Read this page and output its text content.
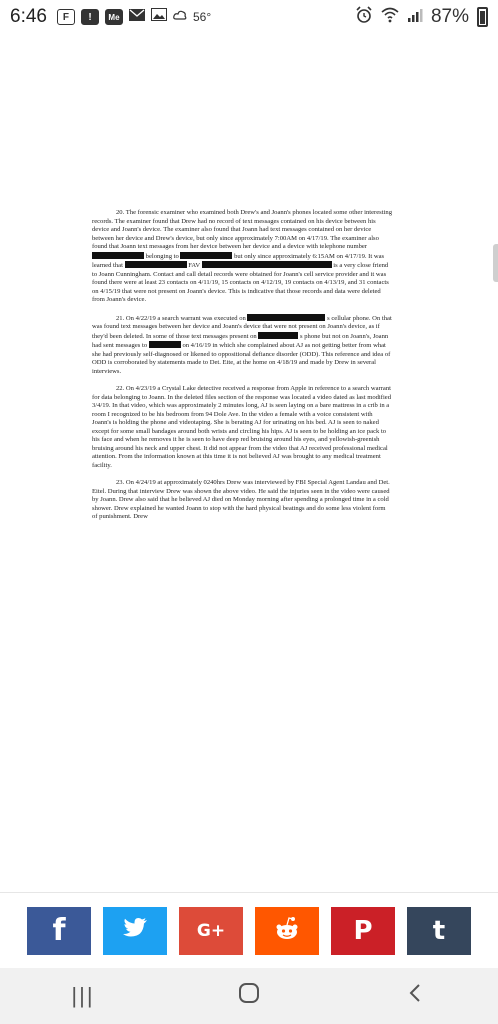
6:46	F	!	Me	56°	87%

20. The forensic examiner who examined both Drew's and Joann's phones located some other interesting records. The examiner found that Drew had no record of text messages contained on his device between his device and Joann's device. The examiner also found that Joann had text messages contained on her device between her device and Drew's device, but only since approximately 7:00AM on 4/17/19. The examiner also found that Joann text messages from her device between her device and a device with telephone number  belonging to	but only since approximately 6:15AM on 4/17/19. It was learned that	FAV	is a very close friend to Joann Cunningham. Contact and call detail records were obtained for Joann's cell service provider and it was found there were at least 23 contacts on 4/11/19, 15 contacts on 4/12/19, 19 contacts on 4/13/19, and 31 contacts on 4/15/19 that were not present on Joann's device. This is indicative that those records and data were deleted from Joann's device.

21. On 4/22/19 a search warrant was executed on	s cellular phone. On that was found text messages between her device and Joann's device that were not present on Joann's device, as if they'd been deleted. In some of those text messages present on	s phone but not on Joann's, Joann had sent messages to	on 4/16/19 in which she complained about AJ as not getting better from what she had previously self-diagnosed or likened to oppositional defiance disorder (ODD). This reference and idea of ODD is corroborated by statements made to Det. Eite, at the home on 4/18/19 and made by Drew in several interviews.

22. On 4/23/19 a Crystal Lake detective received a response from Apple in reference to a search warrant for data belonging to Joann. In the deleted files section of the response was located a video dated as last modified 3/4/19. In that video, which was approximately 2 minutes long, AJ is seen laying on a bare mattress in a crib in a room I recognized to be his bedroom from 94 Dole Ave. In the video a female with a voice consistent with Joann's is holding the phone and videotaping. She is berating AJ for urinating on his bed. AJ is seen to naked except for some small bandages around both wrists and circling his hips. AJ is seen to be holding an ice pack to his face and when he removes it he is seen to have deep red bruising around his eyes, and yellowish-greenish bruising around his neck and upper chest. It did not appear from the video that AJ received professional medical attention. From the information known at this time it is not believed AJ was brought to any medical treatment facility.

23. On 4/24/19 at approximately 0240hrs Drew was interviewed by FBI Special Agent Landau and Det. Eitel. During that interview Drew was shown the above video. He said the injuries seen in the video were caused by Joann. Drew also said that he believed AJ died on Monday morning after spending a prolonged time in a cold shower. Drew explained he wanted Joann to stop with the hard physical beatings and do some less violent form of punishment. Drew

f	G+	P t
|||
